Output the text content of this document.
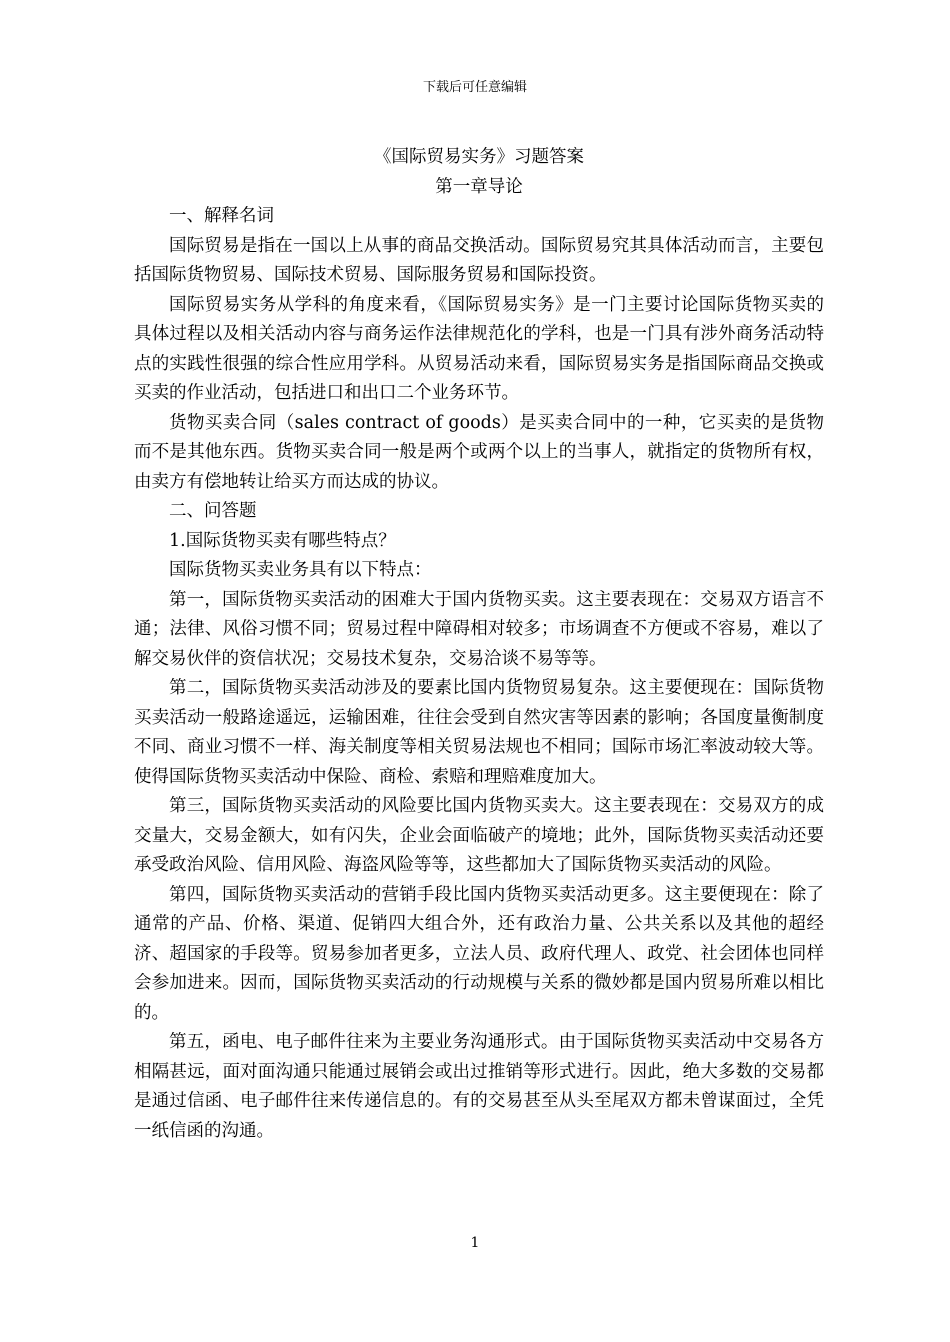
下载后可任意编辑

《国际贸易实务》习题答案

第一章导论

一、解释名词

国际贸易是指在一国以上从事的商品交换活动。国际贸易究其具体活动而言，主要包括国际货物贸易、国际技术贸易、国际服务贸易和国际投资。

国际贸易实务从学科的角度来看，《国际贸易实务》是一门主要讨论国际货物买卖的具体过程以及相关活动内容与商务运作法律规范化的学科，也是一门具有涉外商务活动特点的实践性很强的综合性应用学科。从贸易活动来看，国际贸易实务是指国际商品交换或买卖的作业活动，包括进口和出口二个业务环节。

货物买卖合同（sales contract of goods）是买卖合同中的一种，它买卖的是货物而不是其他东西。货物买卖合同一般是两个或两个以上的当事人，就指定的货物所有权，由卖方有偿地转让给买方而达成的协议。

二、问答题

1.国际货物买卖有哪些特点？

国际货物买卖业务具有以下特点：

第一，国际货物买卖活动的困难大于国内货物买卖。这主要表现在：交易双方语言不通；法律、风俗习惯不同；贸易过程中障碍相对较多；市场调查不方便或不容易，难以了解交易伙伴的资信状况；交易技术复杂，交易洽谈不易等等。

第二，国际货物买卖活动涉及的要素比国内货物贸易复杂。这主要便现在：国际货物买卖活动一般路途遥远，运输困难，往往会受到自然灾害等因素的影响；各国度量衡制度不同、商业习惯不一样、海关制度等相关贸易法规也不相同；国际市场汇率波动较大等。使得国际货物买卖活动中保险、商检、索赔和理赔难度加大。

第三，国际货物买卖活动的风险要比国内货物买卖大。这主要表现在：交易双方的成交量大，交易金额大，如有闪失，企业会面临破产的境地；此外，国际货物买卖活动还要承受政治风险、信用风险、海盗风险等等，这些都加大了国际货物买卖活动的风险。

第四，国际货物买卖活动的营销手段比国内货物买卖活动更多。这主要便现在：除了通常的产品、价格、渠道、促销四大组合外，还有政治力量、公共关系以及其他的超经济、超国家的手段等。贸易参加者更多，立法人员、政府代理人、政党、社会团体也同样会参加进来。因而，国际货物买卖活动的行动规模与关系的微妙都是国内贸易所难以相比的。

第五，函电、电子邮件往来为主要业务沟通形式。由于国际货物买卖活动中交易各方相隔甚远，面对面沟通只能通过展销会或出过推销等形式进行。因此，绝大多数的交易都是通过信函、电子邮件往来传递信息的。有的交易甚至从头至尾双方都未曾谋面过，全凭一纸信函的沟通。

1
